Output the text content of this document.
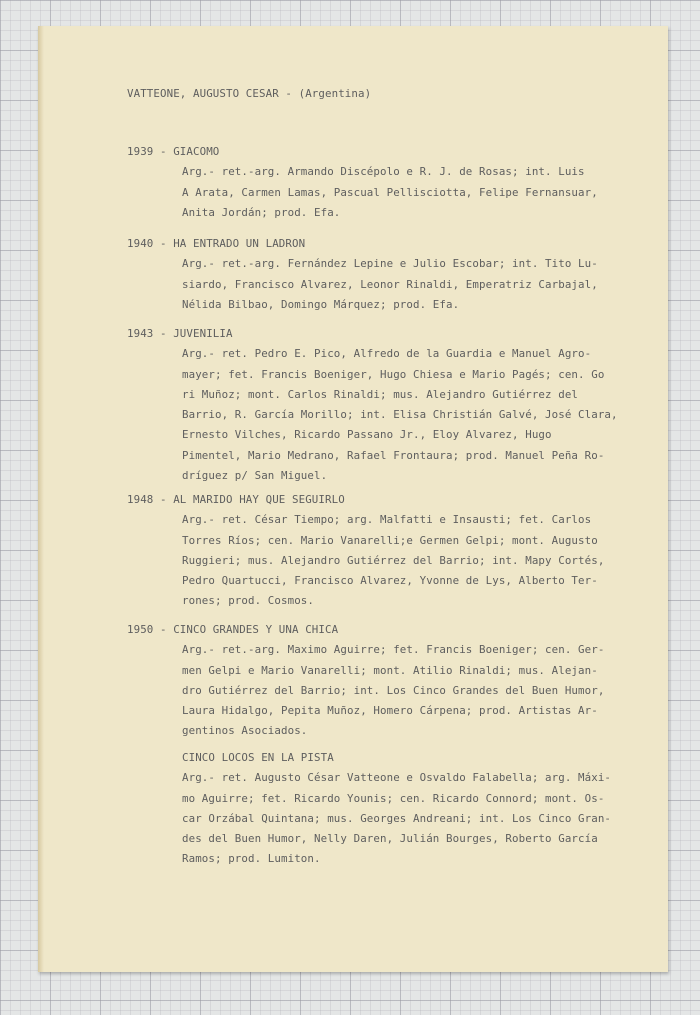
VATTEONE, AUGUSTO CESAR - (Argentina)
1939 - GIACOMO
Arg.- ret.-arg. Armando Discépolo e R. J. de Rosas; int. Luis
A Arata, Carmen Lamas, Pascual Pellisciotta, Felipe Fernansuar,
Anita Jordán; prod. Efa.
1940 - HA ENTRADO UN LADRON
Arg.- ret.-arg. Fernández Lepine e Julio Escobar; int. Tito Lu-
siardo, Francisco Alvarez, Leonor Rinaldi, Emperatriz Carbajal,
Nélida Bilbao, Domingo Márquez; prod. Efa.
1943 - JUVENILIA
Arg.- ret. Pedro E. Pico, Alfredo de la Guardia e Manuel Agro-
mayer; fet. Francis Boeniger, Hugo Chiesa e Mario Pagés; cen. Go
ri Muñoz; mont. Carlos Rinaldi; mus. Alejandro Gutiérrez del
Barrio, R. García Morillo; int. Elisa Christián Galvé, José Clara,
Ernesto Vilches, Ricardo Passano Jr., Eloy Alvarez, Hugo
Pimentel, Mario Medrano, Rafael Frontaura; prod. Manuel Peña Ro-
dríguez p/ San Miguel.
1948 - AL MARIDO HAY QUE SEGUIRLO
Arg.- ret. César Tiempo; arg. Malfatti e Insausti; fet. Carlos
Torres Ríos; cen. Mario Vanarelli;e Germen Gelpi; mont. Augusto
Ruggieri; mus. Alejandro Gutiérrez del Barrio; int. Mapy Cortés,
Pedro Quartucci, Francisco Alvarez, Yvonne de Lys, Alberto Ter-
rones; prod. Cosmos.
1950 - CINCO GRANDES Y UNA CHICA
Arg.- ret.-arg. Maximo Aguirre; fet. Francis Boeniger; cen. Ger-
men Gelpi e Mario Vanarelli; mont. Atilio Rinaldi; mus. Alejan-
dro Gutiérrez del Barrio; int. Los Cinco Grandes del Buen Humor,
Laura Hidalgo, Pepita Muñoz, Homero Cárpena; prod. Artistas Ar-
gentinos Asociados.
CINCO LOCOS EN LA PISTA
Arg.- ret. Augusto César Vatteone e Osvaldo Falabella; arg. Máxi-
mo Aguirre; fet. Ricardo Younis; cen. Ricardo Connord; mont. Os-
car Orzábal Quintana; mus. Georges Andreani; int. Los Cinco Gran-
des del Buen Humor, Nelly Daren, Julián Bourges, Roberto García
Ramos; prod. Lumiton.
